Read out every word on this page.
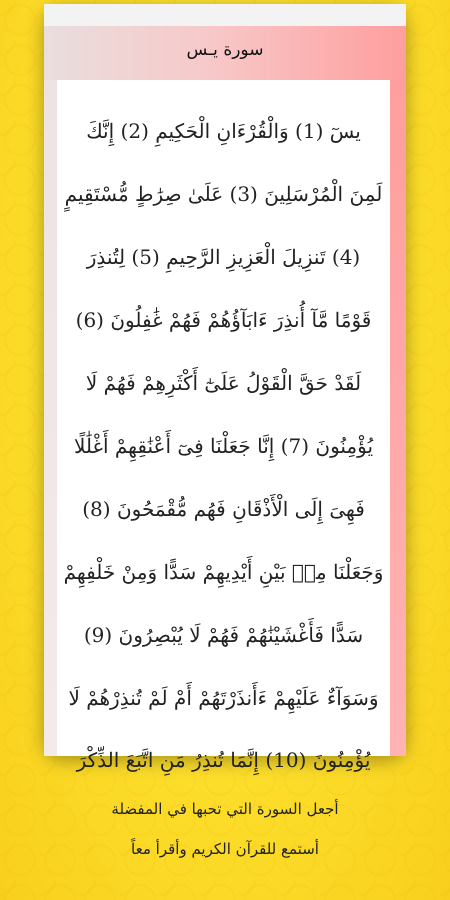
سورة يـس
يسٓ (1) وَالْقُرْءَانِ الْحَكِيمِ (2) إِنَّكَ
لَمِنَ الْمُرْسَلِينَ (3) عَلَىٰ صِرَٰطٍ مُّسْتَقِيمٍ
(4) تَنزِيلَ الْعَزِيزِ الرَّحِيمِ (5) لِتُنذِرَ
قَوْمًا مَّآ أُنذِرَ ءَابَآؤُهُمْ فَهُمْ غَٰفِلُونَ (6)
لَقَدْ حَقَّ الْقَوْلُ عَلَىٰٓ أَكْثَرِهِمْ فَهُمْ لَا
يُؤْمِنُونَ (7) إِنَّا جَعَلْنَا فِىٓ أَعْنَٰقِهِمْ أَغْلَٰلًا
فَهِىَ إِلَى الْأَذْقَانِ فَهُم مُّقْمَحُونَ (8)
وَجَعَلْنَا مِنۢ بَيْنِ أَيْدِيهِمْ سَدًّا وَمِنْ خَلْفِهِمْ
سَدًّا فَأَغْشَيْنَٰهُمْ فَهُمْ لَا يُبْصِرُونَ (9)
وَسَوَآءٌ عَلَيْهِمْ ءَأَنذَرْتَهُمْ أَمْ لَمْ تُنذِرْهُمْ لَا
يُؤْمِنُونَ (10) إِنَّمَا تُنذِرُ مَنِ اتَّبَعَ الذِّكْرَ
أجعل السورة التي تحبها في المفضلة
أستمع للقرآن الكريم وأقرأ معاً
